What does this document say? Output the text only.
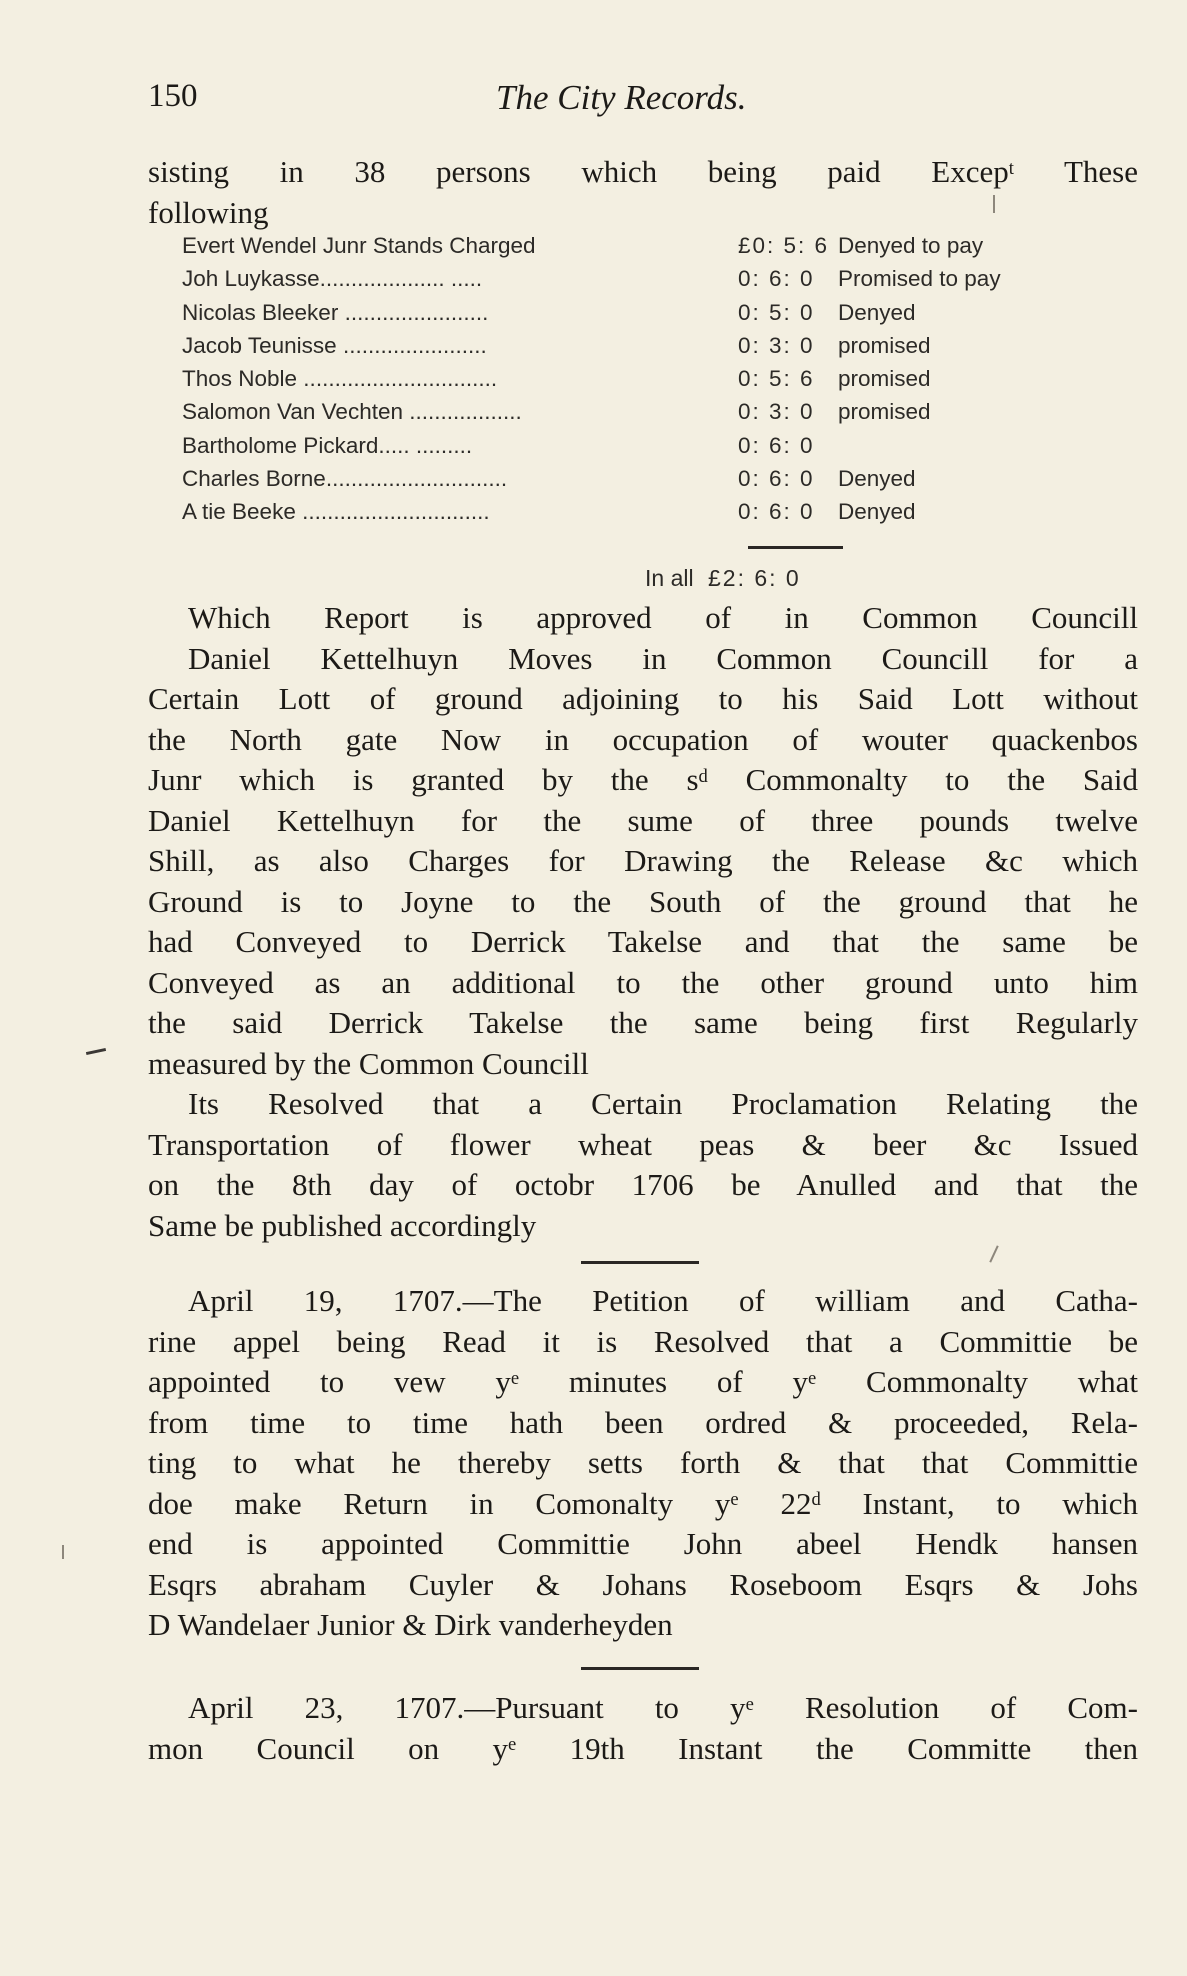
150	The City Records.
sisting in 38 persons which being paid Excep$^t$ These
following
Evert Wendel Junr Stands Charged	£0: 5: 6 Denyed to pay
Joh Luykasse.................... .....	0: 6: 0	Promised to pay
Nicolas Bleeker .......................	0: 5: 0	Denyed
Jacob Teunisse .......................	0: 3: 0	promised
Thos Noble ...............................	0: 5: 6	promised
Salomon Van Vechten ..................	0: 3: 0	promised
Bartholome Pickard..... .........	0: 6: 0
Charles Borne.............................	0: 6: 0	Denyed
A tie Beeke ..............................	0: 6: 0	Denyed
In all £2: 6: 0
Which Report is approved of in Common Councill
Daniel Kettelhuyn Moves in Common Councill for a
Certain Lott of ground adjoining to his Said Lott without
the North gate Now in occupation of wouter quackenbos
Junr which is granted by the $s^d$ Commonalty to the Said
Daniel Kettelhuyn for the sume of three pounds twelve
Shill, as also Charges for Drawing the Release &c which
Ground is to Joyne to the South of the ground that he
had Conveyed to Derrick Takelse and that the same be
Conveyed as an additional to the other ground unto him
the said Derrick Takelse the same being first Regularly
measured by the Common Councill
Its Resolved that a Certain Proclamation Relating the
Transportation of flower wheat peas & beer &c Issued
on the 8th day of octobr 1706 be Anulled and that the
Same be published accordingly
April 19, 1707.—The Petition of william and Catha-
rine appel being Read it is Resolved that a Committie be
appointed to vew $y^e$ minutes of $y^e$ Commonalty what
from time to time hath been ordred & proceeded, Rela-
ting to what he thereby setts forth & that that Committie
doe make Return in Comonalty $y^e$ 22$^d$ Instant, to which
end is appointed Committie John abeel Hendk hansen
Esqrs abraham Cuyler & Johans Roseboom Esqrs & Johs
D Wandelaer Junior & Dirk vanderheyden
April 23, 1707.—Pursuant to $y^e$ Resolution of Com-
mon Council on $y^e$ 19th Instant the Committe then
